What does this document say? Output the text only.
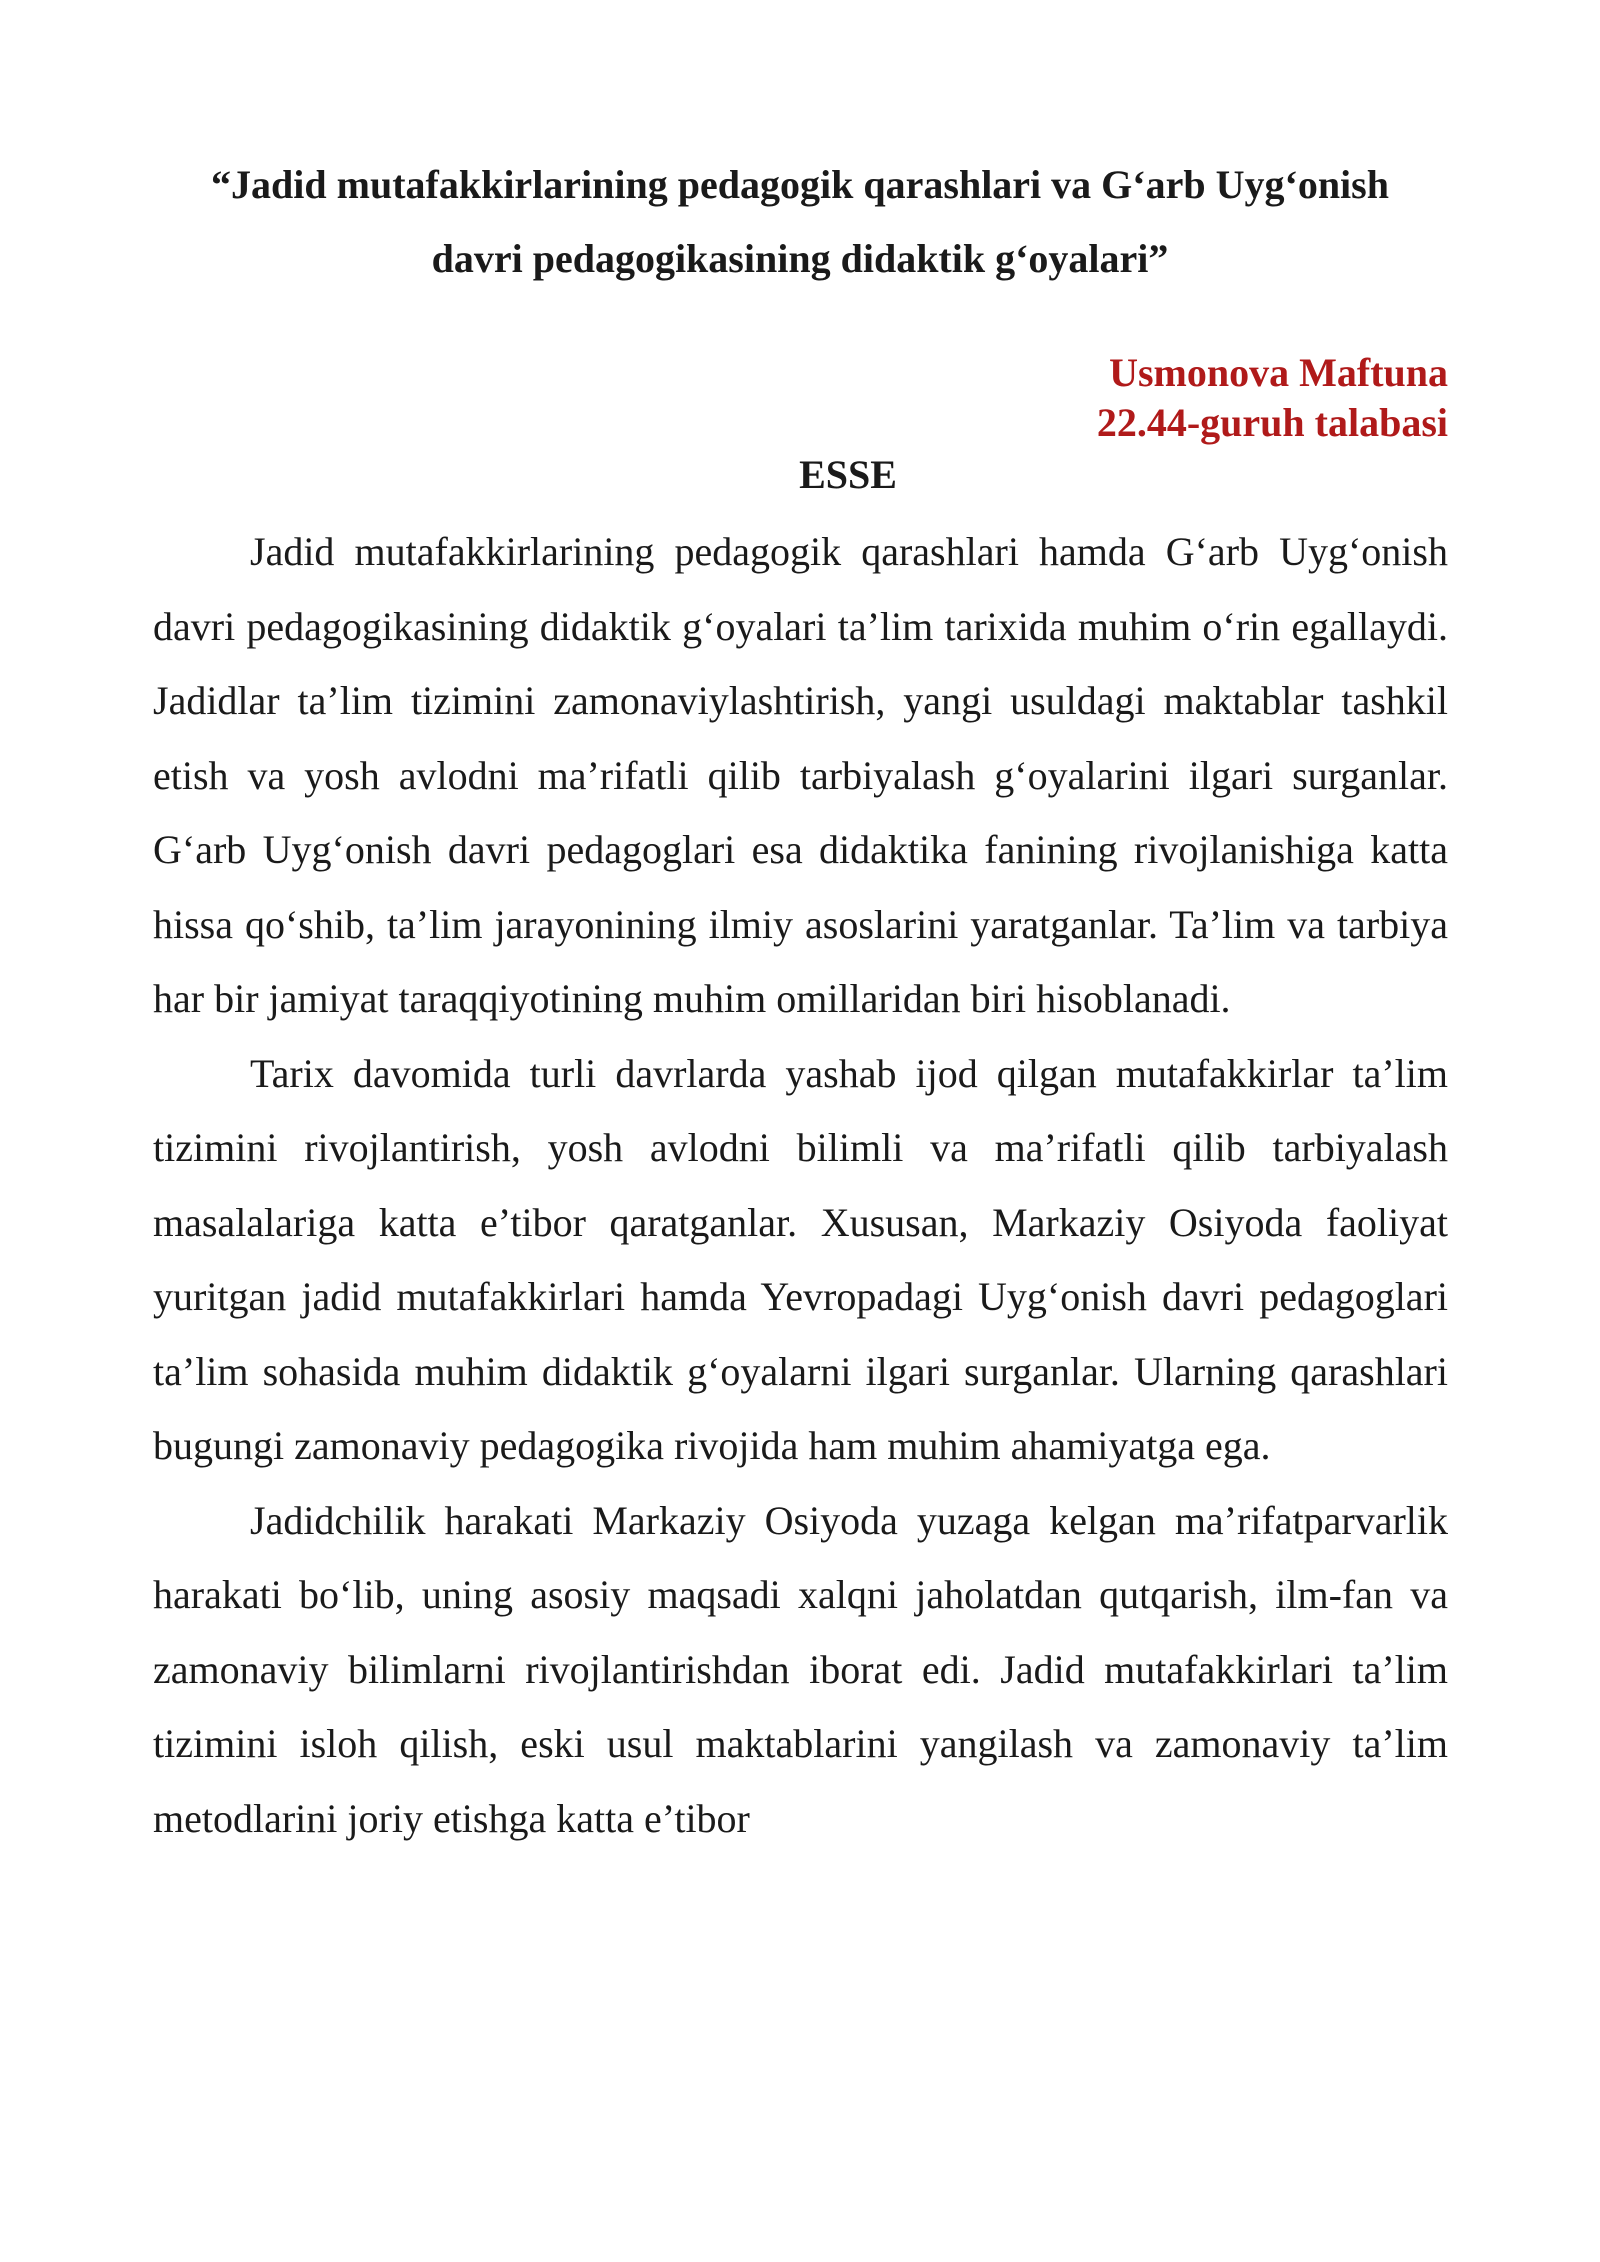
“Jadid mutafakkirlarining pedagogik qarashlari va G‘arb Uyg‘onish
davri pedagogikasining didaktik g‘oyalari”
Usmonova Maftuna
22.44-guruh talabasi
ESSE

Jadid mutafakkirlarining pedagogik qarashlari hamda G‘arb Uyg‘onish davri pedagogikasining didaktik g‘oyalari ta’lim tarixida muhim o‘rin egallaydi. Jadidlar ta’lim tizimini zamonaviylashtirish, yangi usuldagi maktablar tashkil etish va yosh avlodni ma’rifatli qilib tarbiyalash g‘oyalarini ilgari surganlar. G‘arb Uyg‘onish davri pedagoglari esa didaktika fanining rivojlanishiga katta hissa qo‘shib, ta’lim jarayonining ilmiy asoslarini yaratganlar. Ta’lim va tarbiya har bir jamiyat taraqqiyotining muhim omillaridan biri hisoblanadi.

Tarix davomida turli davrlarda yashab ijod qilgan mutafakkirlar ta’lim tizimini rivojlantirish, yosh avlodni bilimli va ma’rifatli qilib tarbiyalash masalalariga katta e’tibor qaratganlar. Xususan, Markaziy Osiyoda faoliyat yuritgan jadid mutafakkirlari hamda Yevropadagi Uyg‘onish davri pedagoglari ta’lim sohasida muhim didaktik g‘oyalarni ilgari surganlar. Ularning qarashlari bugungi zamonaviy pedagogika rivojida ham muhim ahamiyatga ega.

Jadidchilik harakati Markaziy Osiyoda yuzaga kelgan ma’rifatparvarlik harakati bo‘lib, uning asosiy maqsadi xalqni jaholatdan qutqarish, ilm-fan va zamonaviy bilimlarni rivojlantirishdan iborat edi. Jadid mutafakkirlari ta’lim tizimini isloh qilish, eski usul maktablarini yangilash va zamonaviy ta’lim metodlarini joriy etishga katta e’tibor
